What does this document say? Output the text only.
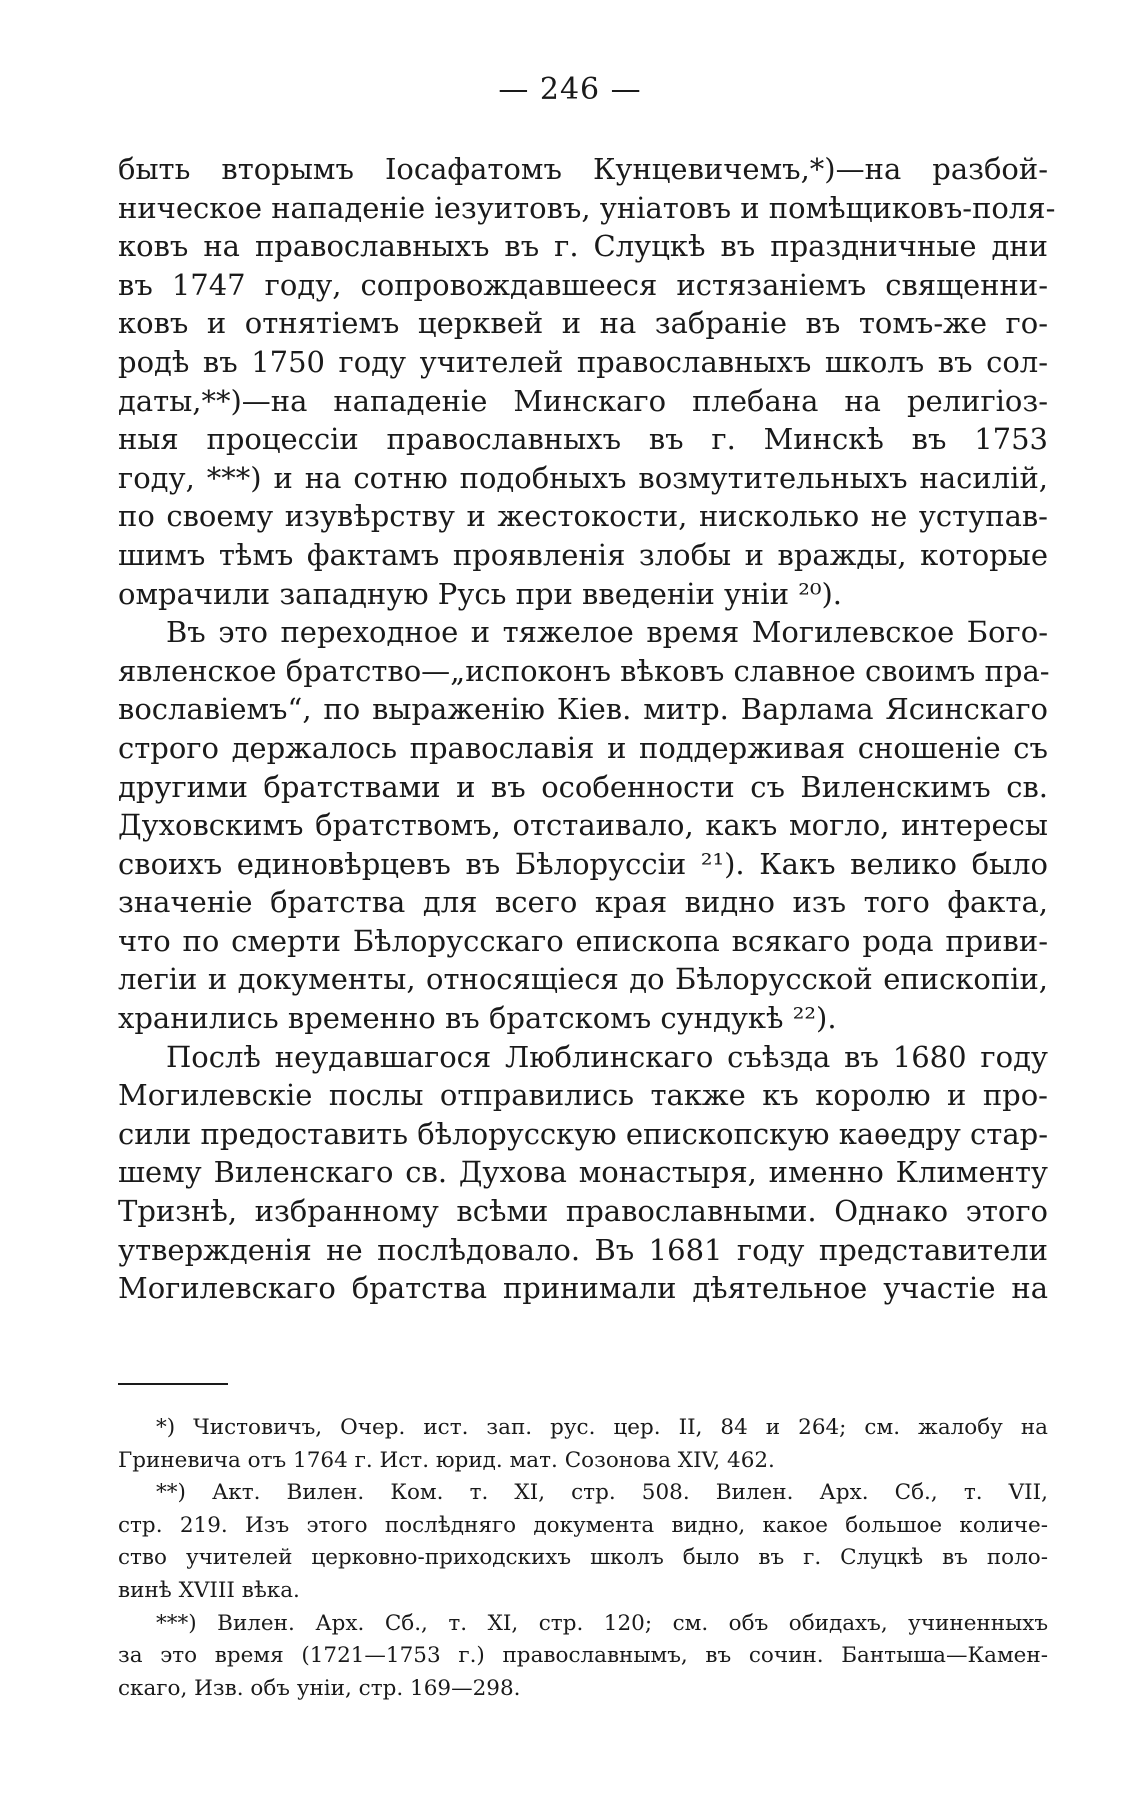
— 246 —
быть вторымъ Іосафатомъ Кунцевичемъ,*)—на разбой-
ническое нападеніе іезуитовъ, уніатовъ и помѣщиковъ-поля-
ковъ на православныхъ въ г. Слуцкѣ въ праздничные дни
въ 1747 году, сопровождавшееся истязаніемъ священни-
ковъ и отнятіемъ церквей и на забраніе въ томъ-же го-
родѣ въ 1750 году учителей православныхъ школъ въ сол-
даты,**)—на нападеніе Минскаго плебана на религіоз-
ныя процессіи православныхъ въ г. Минскѣ въ 1753
году, ***) и на сотню подобныхъ возмутительныхъ насилій,
по своему изувѣрству и жестокости, нисколько не уступав-
шимъ тѣмъ фактамъ проявленія злобы и вражды, которые
омрачили западную Русь при введеніи уніи ²⁰).
Въ это переходное и тяжелое время Могилевское Бого-
явленское братство—„испоконъ вѣковъ славное своимъ пра-
вославіемъ“, по выраженію Кіев. митр. Варлама Ясинскаго
строго держалось православія и поддерживая сношеніе съ
другими братствами и въ особенности съ Виленскимъ св.
Духовскимъ братствомъ, отстаивало, какъ могло, интересы
своихъ единовѣрцевъ въ Бѣлоруссіи ²¹). Какъ велико было
значеніе братства для всего края видно изъ того факта,
что по смерти Бѣлорусскаго епископа всякаго рода приви-
легіи и документы, относящіеся до Бѣлорусской епископіи,
хранились временно въ братскомъ сундукѣ ²²).
Послѣ неудавшагося Люблинскаго съѣзда въ 1680 году
Могилевскіе послы отправились также къ королю и про-
сили предоставить бѣлорусскую епископскую каѳедру стар-
шему Виленскаго св. Духова монастыря, именно Клименту
Тризнѣ, избранному всѣми православными. Однако этого
утвержденія не послѣдовало. Въ 1681 году представители
Могилевскаго братства принимали дѣятельное участіе на
*) Чистовичъ, Очер. ист. зап. рус. цер. II, 84 и 264; см. жалобу на
Гриневича отъ 1764 г. Ист. юрид. мат. Созонова XIV, 462.
**) Акт. Вилен. Ком. т. XI, стр. 508. Вилен. Арх. Сб., т. VII,
стр. 219. Изъ этого послѣдняго документа видно, какое большое количе-
ство учителей церковно-приходскихъ школъ было въ г. Слуцкѣ въ поло-
винѣ XVIII вѣка.
***) Вилен. Арх. Сб., т. XI, стр. 120; см. объ обидахъ, учиненныхъ
за это время (1721—1753 г.) православнымъ, въ сочин. Бантыша—Камен-
скаго, Изв. объ уніи, стр. 169—298.
